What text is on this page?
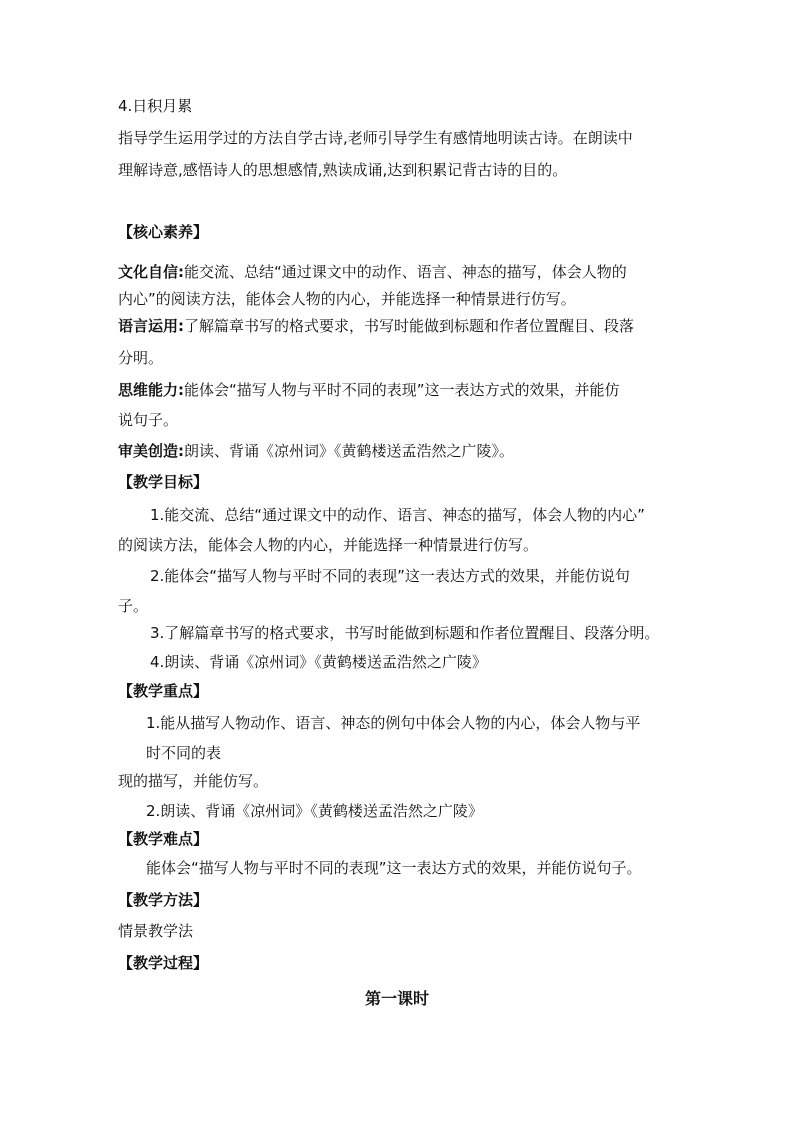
4.日积月累
指导学生运用学过的方法自学古诗,老师引导学生有感情地明读古诗。在朗读中
理解诗意,感悟诗人的思想感情,熟读成诵,达到积累记背古诗的目的。
【核心素养】
文化自信:能交流、总结“通过课文中的动作、语言、神态的描写，体会人物的
内心”的阅读方法，能体会人物的内心，并能选择一种情景进行仿写。
语言运用:了解篇章书写的格式要求，书写时能做到标题和作者位置醒目、段落
分明。
思维能力:能体会“描写人物与平时不同的表现”这一表达方式的效果，并能仿
说句子。
审美创造:朗读、背诵《凉州词》《黄鹤楼送孟浩然之广陵》。
【教学目标】
1.能交流、总结“通过课文中的动作、语言、神态的描写，体会人物的内心”
的阅读方法，能体会人物的内心，并能选择一种情景进行仿写。
2.能体会“描写人物与平时不同的表现”这一表达方式的效果，并能仿说句
子。
3.了解篇章书写的格式要求，书写时能做到标题和作者位置醒目、段落分明。
4.朗读、背诵《凉州词》《黄鹤楼送孟浩然之广陵》
【教学重点】
1.能从描写人物动作、语言、神态的例句中体会人物的内心，体会人物与平
时不同的表
现的描写，并能仿写。
2.朗读、背诵《凉州词》《黄鹤楼送孟浩然之广陵》
【教学难点】
能体会“描写人物与平时不同的表现”这一表达方式的效果，并能仿说句子。
【教学方法】
情景教学法
【教学过程】
第一课时
